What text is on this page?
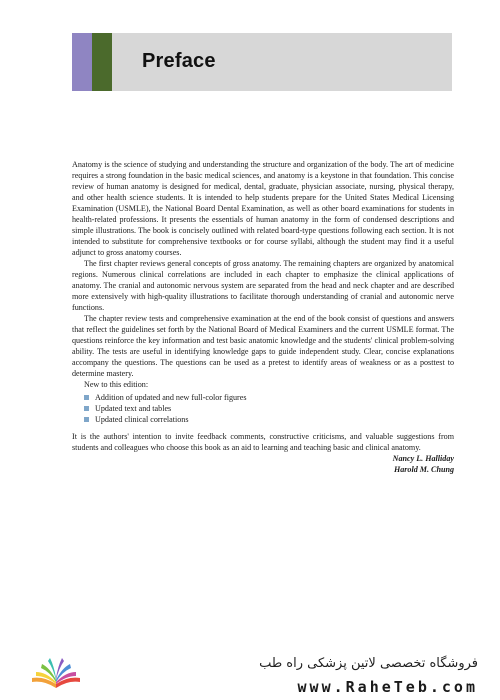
Preface

Anatomy is the science of studying and understanding the structure and organization of the body. The art of medicine requires a strong foundation in the basic medical sciences, and anatomy is a keystone in that foundation. This concise review of human anatomy is designed for medical, dental, graduate, physician associate, nursing, physical therapy, and other health science students. It is intended to help students prepare for the United States Medical Licensing Examination (USMLE), the National Board Dental Examination, as well as other board examinations for students in health-related professions. It presents the essentials of human anatomy in the form of condensed descriptions and simple illustrations. The book is concisely outlined with related board-type questions following each section. It is not intended to substitute for comprehensive textbooks or for course syllabi, although the student may find it a useful adjunct to gross anatomy courses.

The first chapter reviews general concepts of gross anatomy. The remaining chapters are organized by anatomical regions. Numerous clinical correlations are included in each chapter to emphasize the clinical applications of anatomy. The cranial and autonomic nervous system are separated from the head and neck chapter and are described more extensively with high-quality illustrations to facilitate thorough understanding of cranial and autonomic nerve functions.

The chapter review tests and comprehensive examination at the end of the book consist of questions and answers that reflect the guidelines set forth by the National Board of Medical Examiners and the current USMLE format. The questions reinforce the key information and test basic anatomic knowledge and the students' clinical problem-solving ability. The tests are useful in identifying knowledge gaps to guide independent study. Clear, concise explanations accompany the questions. The questions can be used as a pretest to identify areas of weakness or as a posttest to determine mastery.

New to this edition:

Addition of updated and new full-color figures
Updated text and tables
Updated clinical correlations

It is the authors' intention to invite feedback comments, constructive criticisms, and valuable suggestions from students and colleagues who choose this book as an aid to learning and teaching basic and clinical anatomy.

Nancy L. Halliday

Harold M. Chung

فروشگاه تخصصی لاتین پزشکی راه طب
www.RaheTeb.com
